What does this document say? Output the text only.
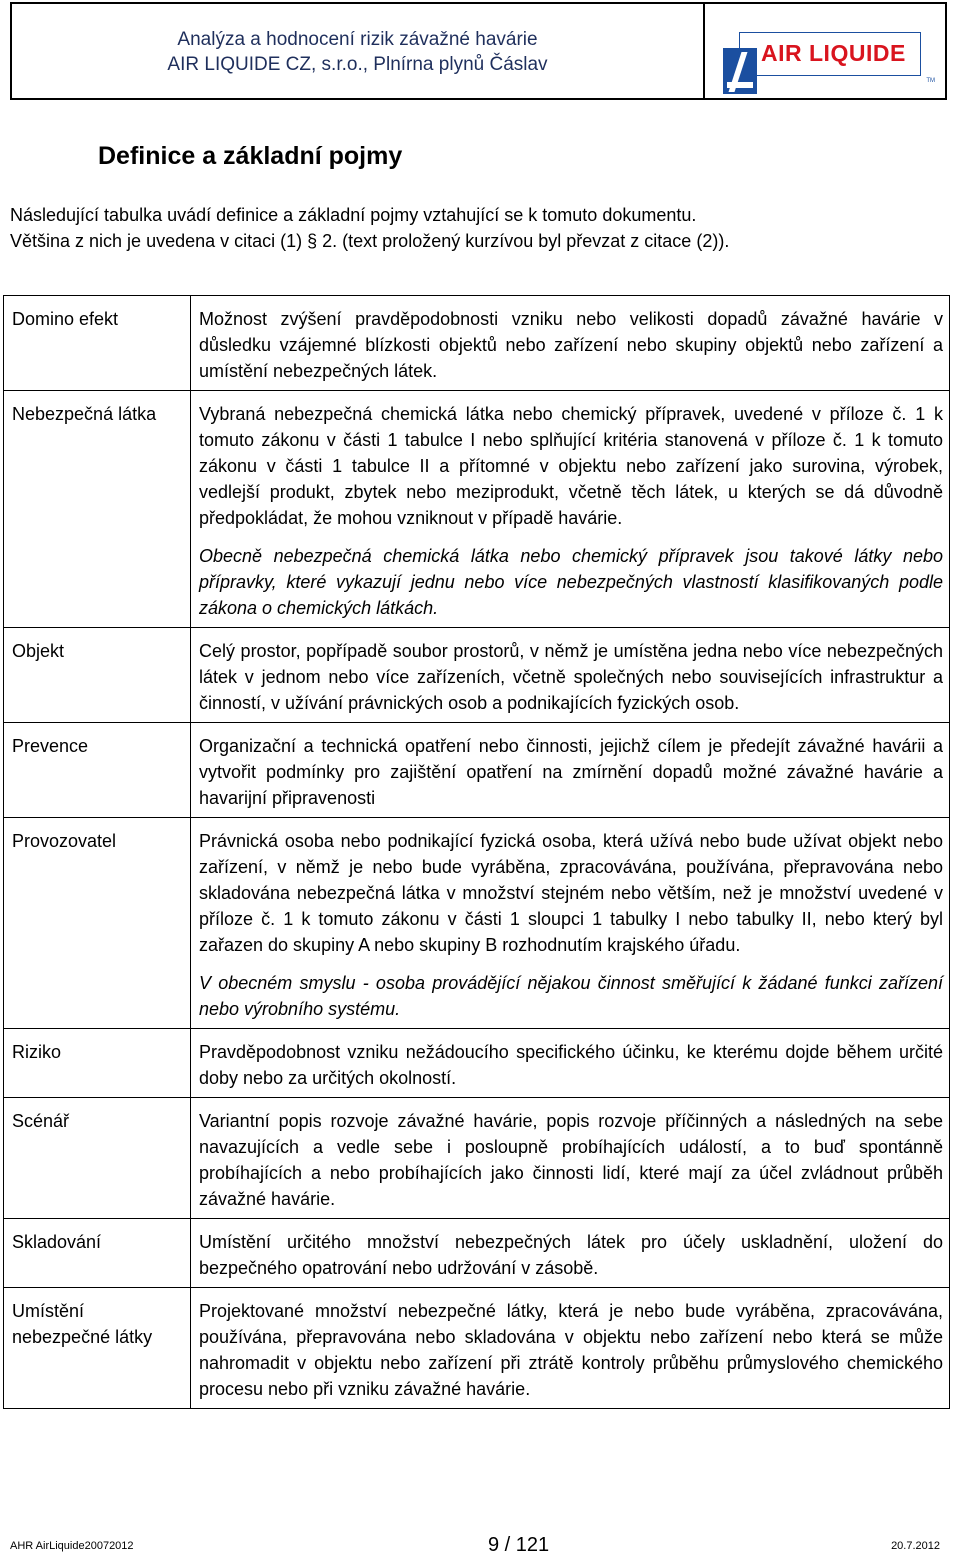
Analýza a hodnocení rizik závažné havárie
AIR LIQUIDE CZ, s.r.o., Plnírna plynů Čáslav	AIR LIQUIDE
TM
Definice a základní pojmy

Následující tabulka uvádí definice a základní pojmy vztahující se k tomuto dokumentu.

Většina z nich je uvedena v citaci (1) § 2. (text proložený kurzívou byl převzat z citace (2)).

Domino efekt	Možnost zvýšení pravděpodobnosti vzniku nebo velikosti dopadů závažné havárie v důsledku vzájemné blízkosti objektů nebo zařízení nebo skupiny objektů nebo zařízení a umístění nebezpečných látek.

Nebezpečná látka	Vybraná nebezpečná chemická látka nebo chemický přípravek, uvedené v příloze č. 1 k tomuto zákonu v části 1 tabulce I nebo splňující kritéria stanovená v příloze č. 1 k tomuto zákonu v části 1 tabulce II a přítomné v objektu nebo zařízení jako surovina, výrobek, vedlejší produkt, zbytek nebo meziprodukt, včetně těch látek, u kterých se dá důvodně předpokládat, že mohou vzniknout v případě havárie.

Obecně nebezpečná chemická látka nebo chemický přípravek jsou takové látky nebo přípravky, které vykazují jednu nebo více nebezpečných vlastností klasifikovaných podle zákona o chemických látkách.

Objekt	Celý prostor, popřípadě soubor prostorů, v němž je umístěna jedna nebo více nebezpečných látek v jednom nebo více zařízeních, včetně společných nebo souvisejících infrastruktur a činností, v užívání právnických osob a podnikajících fyzických osob.

Prevence	Organizační a technická opatření nebo činnosti, jejichž cílem je předejít závažné havárii a vytvořit podmínky pro zajištění opatření na zmírnění dopadů možné závažné havárie a havarijní připravenosti

Provozovatel	Právnická osoba nebo podnikající fyzická osoba, která užívá nebo bude užívat objekt nebo zařízení, v němž je nebo bude vyráběna, zpracovávána, používána, přepravována nebo skladována nebezpečná látka v množství stejném nebo větším, než je množství uvedené v příloze č. 1 k tomuto zákonu v části 1 sloupci 1 tabulky I nebo tabulky II, nebo který byl zařazen do skupiny A nebo skupiny B rozhodnutím krajského úřadu.

V obecném smyslu - osoba provádějící nějakou činnost směřující k žádané funkci zařízení nebo výrobního systému.

Riziko	Pravděpodobnost vzniku nežádoucího specifického účinku, ke kterému dojde během určité doby nebo za určitých okolností.

Scénář	Variantní popis rozvoje závažné havárie, popis rozvoje příčinných a následných na sebe navazujících a vedle sebe i posloupně probíhajících událostí, a to buď spontánně probíhajících a nebo probíhajících jako činnosti lidí, které mají za účel zvládnout průběh závažné havárie.

Skladování	Umístění určitého množství nebezpečných látek pro účely uskladnění, uložení do bezpečného opatrování nebo udržování v zásobě.

Umístění nebezpečné látky	Projektované množství nebezpečné látky, která je nebo bude vyráběna, zpracovávána, používána, přepravována nebo skladována v objektu nebo zařízení nebo která se může nahromadit v objektu nebo zařízení při ztrátě kontroly průběhu průmyslového chemického procesu nebo při vzniku závažné havárie.

AHR AirLiquide20072012	9 / 121	20.7.2012
